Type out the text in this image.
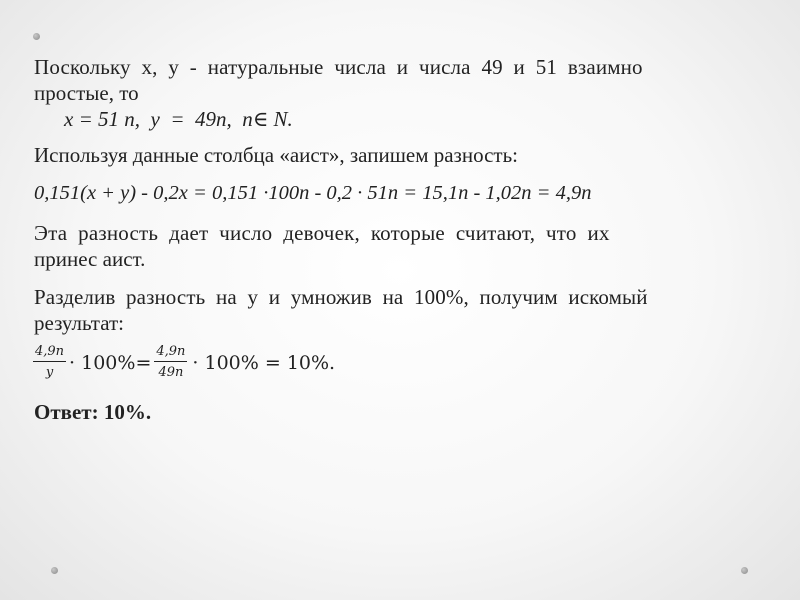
Поскольку  x,  y  -  натуральные  числа  и  числа  49  и  51  взаимно

простые, то

x = 51 n,  y  =  49n,  n∈ N.

Используя данные столбца «аист», запишем разность:

0,151(x + y) - 0,2x = 0,151 ·100n - 0,2 · 51n = 15,1n - 1,02n = 4,9n

Эта  разность  дает  число  девочек,  которые  считают,  что  их

принес аист.

Разделив  разность  на  y  и  умножив  на  100%,  получим  искомый

результат:

$\frac{4,9n}{y} \cdot 100\%= \frac{4,9n}{49n} \cdot 100\% = 10\%$.

Ответ: 10%.
